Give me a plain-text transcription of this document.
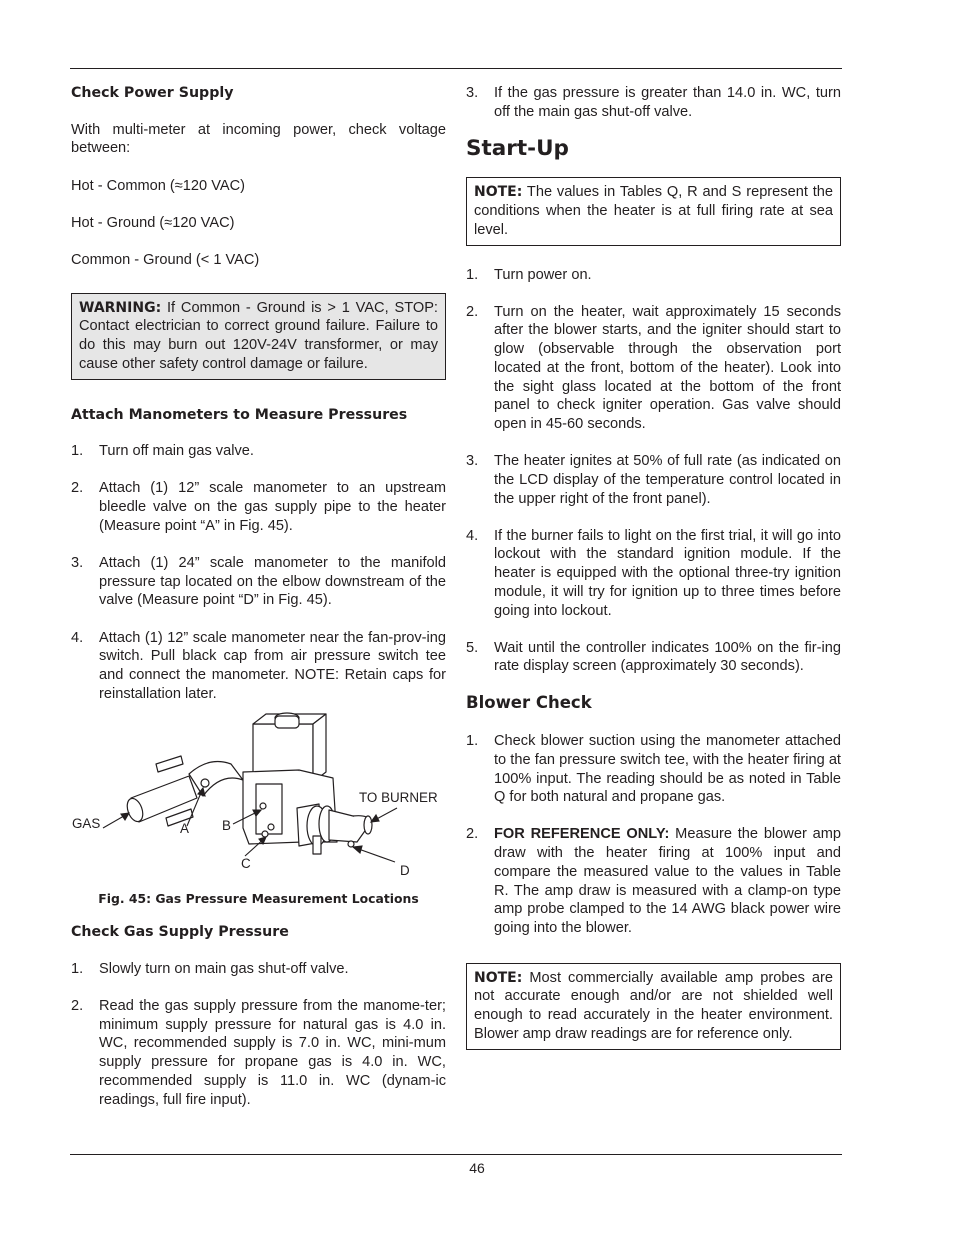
Check Power Supply

With multi-meter at incoming power, check voltage between:

Hot - Common (≈120 VAC)

Hot - Ground (≈120 VAC)

Common - Ground (< 1 VAC)

WARNING: If Common - Ground is > 1 VAC, STOP: Contact electrician to correct ground failure. Failure to do this may burn out 120V-24V transformer, or may cause other safety control damage or failure.
Attach Manometers to Measure Pressures
1. Turn off main gas valve.
2. Attach (1) 12” scale manometer to an upstream bleedle valve on the gas supply pipe to the heater (Measure point “A” in Fig. 45).
3. Attach (1) 24” scale manometer to the manifold pressure tap located on the elbow downstream of the valve (Measure point “D” in Fig. 45).
4. Attach (1) 12” scale manometer near the fan-prov-ing switch. Pull black cap from air pressure switch tee and connect the manometer. NOTE: Retain caps for reinstallation later.
GAS	A B
C	D
TO BURNER

Fig. 45: Gas Pressure Measurement Locations

Check Gas Supply Pressure
1. Slowly turn on main gas shut-off valve.
2. Read the gas supply pressure from the manome-ter; minimum supply pressure for natural gas is 4.0 in. WC, recommended supply is 7.0 in. WC, mini-mum supply pressure for propane gas is 4.0 in. WC, recommended supply is 11.0 in. WC (dynam-ic readings, full fire input).
3. If the gas pressure is greater than 14.0 in. WC, turn off the main gas shut-off valve.
Start-Up
NOTE: The values in Tables Q, R and S represent the conditions when the heater is at full firing rate at sea level.
1. Turn power on.
2. Turn on the heater, wait approximately 15 seconds after the blower starts, and the igniter should start to glow (observable through the observation port located at the front, bottom of the heater). Look into the sight glass located at the bottom of the front panel to check igniter operation. Gas valve should open in 45-60 seconds.
3. The heater ignites at 50% of full rate (as indicated on the LCD display of the temperature control located in the upper right of the front panel).
4. If the burner fails to light on the first trial, it will go into lockout with the standard ignition module. If the heater is equipped with the optional three-try ignition module, it will try for ignition up to three times before going into lockout.
5. Wait until the controller indicates 100% on the fir-ing rate display screen (approximately 30 seconds).
Blower Check
1. Check blower suction using the manometer attached to the fan pressure switch tee, with the heater firing at 100% input. The reading should be as noted in Table Q for both natural and propane gas.
2. FOR REFERENCE ONLY: Measure the blower amp draw with the heater firing at 100% input and compare the measured value to the values in Table R. The amp draw is measured with a clamp-on type amp probe clamped to the 14 AWG black power wire going into the blower.
NOTE: Most commercially available amp probes are not accurate enough and/or are not shielded well enough to read accurately in the heater environment. Blower amp draw readings are for reference only.
46
